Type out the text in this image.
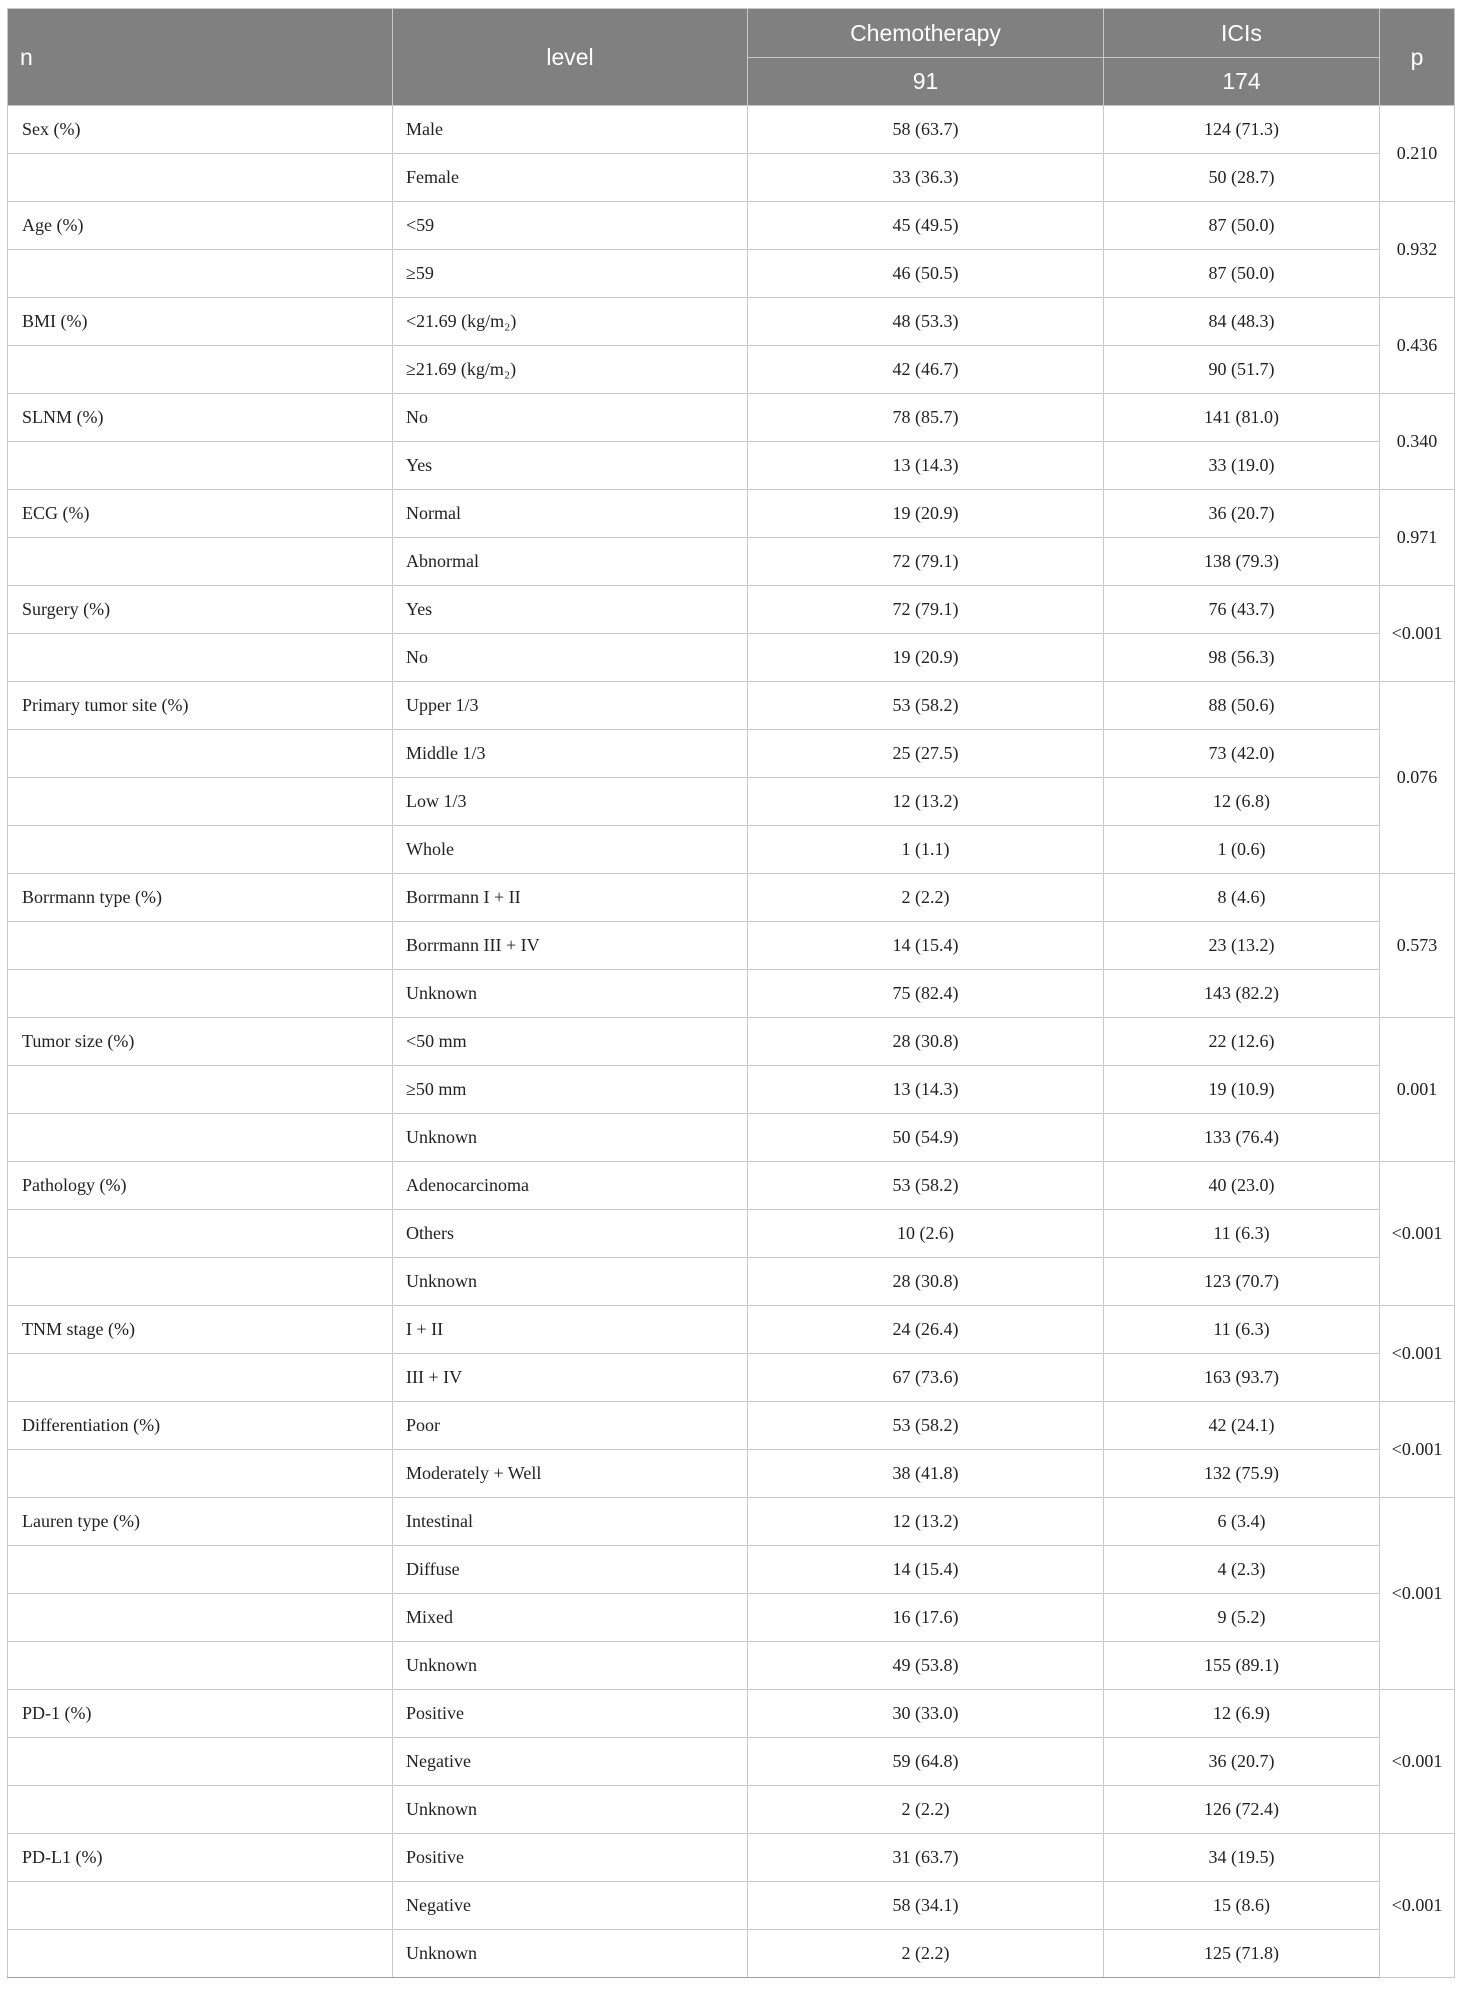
n	level	Chemotherapy	ICIs	p
		91	174	
Sex (%)	Male	58 (63.7)	124 (71.3)	0.210
	Female	33 (36.3)	50 (28.7)	
Age (%)	<59	45 (49.5)	87 (50.0)	0.932
	≥59	46 (50.5)	87 (50.0)	
BMI (%)	<21.69 (kg/m₂)	48 (53.3)	84 (48.3)	0.436
	≥21.69 (kg/m₂)	42 (46.7)	90 (51.7)	
SLNM (%)	No	78 (85.7)	141 (81.0)	0.340
	Yes	13 (14.3)	33 (19.0)	
ECG (%)	Normal	19 (20.9)	36 (20.7)	0.971
	Abnormal	72 (79.1)	138 (79.3)	
Surgery (%)	Yes	72 (79.1)	76 (43.7)	<0.001
	No	19 (20.9)	98 (56.3)	
Primary tumor site (%)	Upper 1/3	53 (58.2)	88 (50.6)	0.076
	Middle 1/3	25 (27.5)	73 (42.0)	
	Low 1/3	12 (13.2)	12 (6.8)	
	Whole	1 (1.1)	1 (0.6)	
Borrmann type (%)	Borrmann I + II	2 (2.2)	8 (4.6)	0.573
	Borrmann III + IV	14 (15.4)	23 (13.2)	
	Unknown	75 (82.4)	143 (82.2)	
Tumor size (%)	<50 mm	28 (30.8)	22 (12.6)	0.001
	≥50 mm	13 (14.3)	19 (10.9)	
	Unknown	50 (54.9)	133 (76.4)	
Pathology (%)	Adenocarcinoma	53 (58.2)	40 (23.0)	<0.001
	Others	10 (2.6)	11 (6.3)	
	Unknown	28 (30.8)	123 (70.7)	
TNM stage (%)	I + II	24 (26.4)	11 (6.3)	<0.001
	III + IV	67 (73.6)	163 (93.7)	
Differentiation (%)	Poor	53 (58.2)	42 (24.1)	<0.001
	Moderately + Well	38 (41.8)	132 (75.9)	
Lauren type (%)	Intestinal	12 (13.2)	6 (3.4)	<0.001
	Diffuse	14 (15.4)	4 (2.3)	
	Mixed	16 (17.6)	9 (5.2)	
	Unknown	49 (53.8)	155 (89.1)	
PD-1 (%)	Positive	30 (33.0)	12 (6.9)	<0.001
	Negative	59 (64.8)	36 (20.7)	
	Unknown	2 (2.2)	126 (72.4)	
PD-L1 (%)	Positive	31 (63.7)	34 (19.5)	<0.001
	Negative	58 (34.1)	15 (8.6)	
	Unknown	2 (2.2)	125 (71.8)	
